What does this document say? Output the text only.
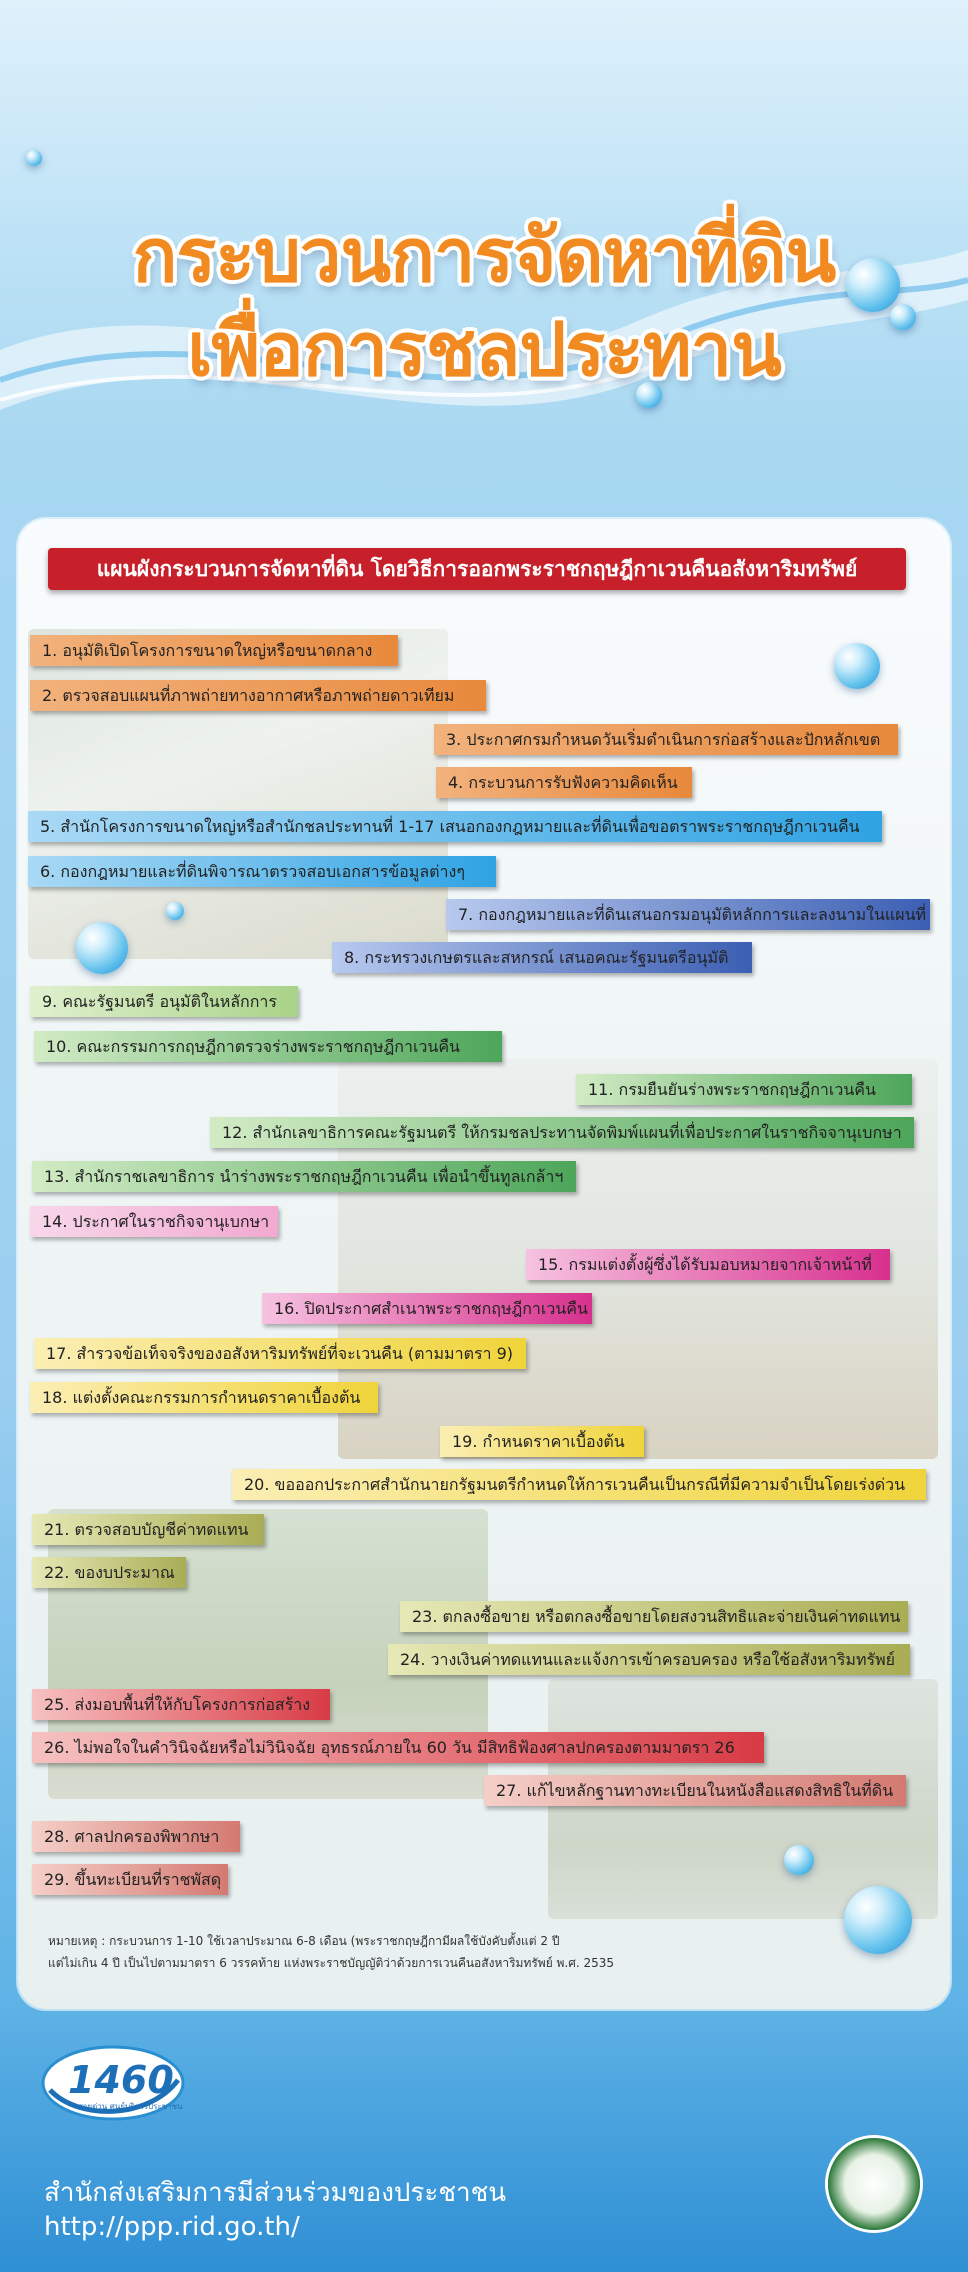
กระบวนการจัดหาที่ดิน
เพื่อการชลประทาน
แผนผังกระบวนการจัดหาที่ดิน โดยวิธีการออกพระราชกฤษฎีกาเวนคืนอสังหาริมทรัพย์
1. อนุมัติเปิดโครงการขนาดใหญ่หรือขนาดกลาง
2. ตรวจสอบแผนที่ภาพถ่ายทางอากาศหรือภาพถ่ายดาวเทียม
3. ประกาศกรมกำหนดวันเริ่มดำเนินการก่อสร้างและปักหลักเขต
4. กระบวนการรับฟังความคิดเห็น
5. สำนักโครงการขนาดใหญ่หรือสำนักชลประทานที่ 1-17 เสนอกองกฎหมายและที่ดินเพื่อขอตราพระราชกฤษฎีกาเวนคืน
6. กองกฎหมายและที่ดินพิจารณาตรวจสอบเอกสารข้อมูลต่างๆ
7. กองกฎหมายและที่ดินเสนอกรมอนุมัติหลักการและลงนามในแผนที่
8. กระทรวงเกษตรและสหกรณ์ เสนอคณะรัฐมนตรีอนุมัติ
9. คณะรัฐมนตรี อนุมัติในหลักการ
10. คณะกรรมการกฤษฎีกาตรวจร่างพระราชกฤษฎีกาเวนคืน
11. กรมยืนยันร่างพระราชกฤษฎีกาเวนคืน
12. สำนักเลขาธิการคณะรัฐมนตรี ให้กรมชลประทานจัดพิมพ์แผนที่เพื่อประกาศในราชกิจจานุเบกษา
13. สำนักราชเลขาธิการ นำร่างพระราชกฤษฎีกาเวนคืน เพื่อนำขึ้นทูลเกล้าฯ
14. ประกาศในราชกิจจานุเบกษา
15. กรมแต่งตั้งผู้ซึ่งได้รับมอบหมายจากเจ้าหน้าที่
16. ปิดประกาศสำเนาพระราชกฤษฎีกาเวนคืน
17. สำรวจข้อเท็จจริงของอสังหาริมทรัพย์ที่จะเวนคืน (ตามมาตรา 9)
18. แต่งตั้งคณะกรรมการกำหนดราคาเบื้องต้น
19. กำหนดราคาเบื้องต้น
20. ขอออกประกาศสำนักนายกรัฐมนตรีกำหนดให้การเวนคืนเป็นกรณีที่มีความจำเป็นโดยเร่งด่วน
21. ตรวจสอบบัญชีค่าทดแทน
22. ของบประมาณ
23. ตกลงซื้อขาย หรือตกลงซื้อขายโดยสงวนสิทธิและจ่ายเงินค่าทดแทน
24. วางเงินค่าทดแทนและแจ้งการเข้าครอบครอง หรือใช้อสังหาริมทรัพย์
25. ส่งมอบพื้นที่ให้กับโครงการก่อสร้าง
26. ไม่พอใจในคำวินิจฉัยหรือไม่วินิจฉัย อุทธรณ์ภายใน 60 วัน มีสิทธิฟ้องศาลปกครองตามมาตรา 26
27. แก้ไขหลักฐานทางทะเบียนในหนังสือแสดงสิทธิในที่ดิน
28. ศาลปกครองพิพากษา
29. ขึ้นทะเบียนที่ราชพัสดุ
หมายเหตุ : กระบวนการ 1-10 ใช้เวลาประมาณ 6-8 เดือน (พระราชกฤษฎีกามีผลใช้บังคับตั้งแต่ 2 ปี
แต่ไม่เกิน 4 ปี เป็นไปตามมาตรา 6 วรรคท้าย แห่งพระราชบัญญัติว่าด้วยการเวนคืนอสังหาริมทรัพย์ พ.ศ. 2535
1460
สายด่วน ศูนย์บริการประชาชน
สำนักส่งเสริมการมีส่วนร่วมของประชาชน
http://ppp.rid.go.th/
